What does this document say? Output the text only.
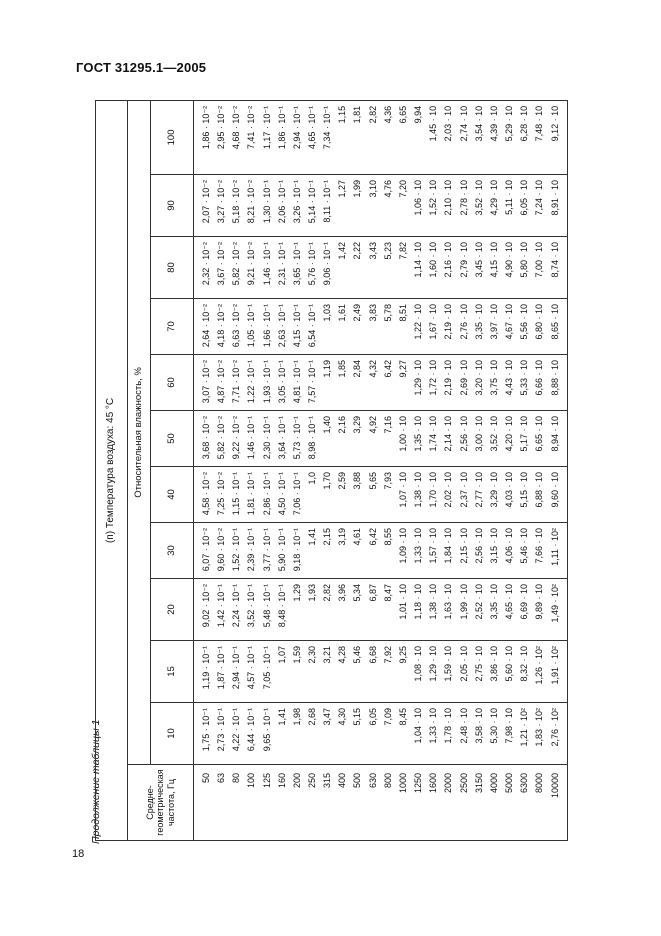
ГОСТ 31295.1—2005
Продолжение таблицы 1
(п) Температура воздуха: 45 °С											
Средне-геометрическая частота, Гц	Относительная влажность, %										
	10	15	20	30	40	50	60	70	80	90	100
50	1,75 · 10⁻¹	1,19 · 10⁻¹	9,02 · 10⁻²	6,07 · 10⁻²	4,58 · 10⁻²	3,68 · 10⁻²	3,07 · 10⁻²	2,64 · 10⁻²	2,32 · 10⁻²	2,07 · 10⁻²	1,86 · 10⁻²
63	2,73 · 10⁻¹	1,87 · 10⁻¹	1,42 · 10⁻¹	9,60 · 10⁻²	7,25 · 10⁻²	5,82 · 10⁻²	4,87 · 10⁻²	4,18 · 10⁻²	3,67 · 10⁻²	3,27 · 10⁻²	2,95 · 10⁻²
80	4,22 · 10⁻¹	2,94 · 10⁻¹	2,24 · 10⁻¹	1,52 · 10⁻¹	1,15 · 10⁻¹	9,22 · 10⁻²	7,71 · 10⁻²	6,63 · 10⁻²	5,82 · 10⁻²	5,18 · 10⁻²	4,68 · 10⁻²
100	6,44 · 10⁻¹	4,57 · 10⁻¹	3,52 · 10⁻¹	2,39 · 10⁻¹	1,81 · 10⁻¹	1,46 · 10⁻¹	1,22 · 10⁻¹	1,05 · 10⁻¹	9,21 · 10⁻²	8,21 · 10⁻²	7,41 · 10⁻²
125	9,65 · 10⁻¹	7,05 · 10⁻¹	5,48 · 10⁻¹	3,77 · 10⁻¹	2,86 · 10⁻¹	2,30 · 10⁻¹	1,93 · 10⁻¹	1,66 · 10⁻¹	1,46 · 10⁻¹	1,30 · 10⁻¹	1,17 · 10⁻¹
160	1,41	1,07	8,48 · 10⁻¹	5,90 · 10⁻¹	4,50 · 10⁻¹	3,64 · 10⁻¹	3,05 · 10⁻¹	2,63 · 10⁻¹	2,31 · 10⁻¹	2,06 · 10⁻¹	1,86 · 10⁻¹
200	1,98	1,59	1,29	9,18 · 10⁻¹	7,06 · 10⁻¹	5,73 · 10⁻¹	4,81 · 10⁻¹	4,15 · 10⁻¹	3,65 · 10⁻¹	3,26 · 10⁻¹	2,94 · 10⁻¹
250	2,68	2,30	1,93	1,41	1,0	8,98 · 10⁻¹	7,57 · 10⁻¹	6,54 · 10⁻¹	5,76 · 10⁻¹	5,14 · 10⁻¹	4,65 · 10⁻¹
315	3,47	3,21	2,82	2,15	1,70	1,40	1,19	1,03	9,06 · 10⁻¹	8,11 · 10⁻¹	7,34 · 10⁻¹
400	4,30	4,28	3,96	3,19	2,59	2,16	1,85	1,61	1,42	1,27	1,15
500	5,15	5,46	5,34	4,61	3,88	3,29	2,84	2,49	2,22	1,99	1,81
630	6,05	6,68	6,87	6,42	5,65	4,92	4,32	3,83	3,43	3,10	2,82
800	7,09	7,92	8,47	8,55	7,93	7,16	6,42	5,78	5,23	4,76	4,36
1000	8,45	9,25	1,01 · 10	1,09 · 10	1,07 · 10	1,00 · 10	9,27	8,51	7,82	7,20	6,65
1250	1,04 · 10	1,08 · 10	1,18 · 10	1,33 · 10	1,38 · 10	1,35 · 10	1,29 · 10	1,22 · 10	1,14 · 10	1,06 · 10	9,94
1600	1,33 · 10	1,29 · 10	1,38 · 10	1,57 · 10	1,70 · 10	1,74 · 10	1,72 · 10	1,67 · 10	1,60 · 10	1,52 · 10	1,45 · 10
2000	1,78 · 10	1,59 · 10	1,63 · 10	1,84 · 10	2,02 · 10	2,14 · 10	2,19 · 10	2,19 · 10	2,16 · 10	2,10 · 10	2,03 · 10
2500	2,48 · 10	2,05 · 10	1,99 · 10	2,15 · 10	2,37 · 10	2,56 · 10	2,69 · 10	2,76 · 10	2,79 · 10	2,78 · 10	2,74 · 10
3150	3,58 · 10	2,75 · 10	2,52 · 10	2,56 · 10	2,77 · 10	3,00 · 10	3,20 · 10	3,35 · 10	3,45 · 10	3,52 · 10	3,54 · 10
4000	5,30 · 10	3,86 · 10	3,35 · 10	3,15 · 10	3,29 · 10	3,52 · 10	3,75 · 10	3,97 · 10	4,15 · 10	4,29 · 10	4,39 · 10
5000	7,98 · 10	5,60 · 10	4,65 · 10	4,06 · 10	4,03 · 10	4,20 · 10	4,43 · 10	4,67 · 10	4,90 · 10	5,11 · 10	5,29 · 10
6300	1,21 · 10²	8,32 · 10	6,69 · 10	5,46 · 10	5,15 · 10	5,17 · 10	5,33 · 10	5,56 · 10	5,80 · 10	6,05 · 10	6,28 · 10
8000	1,83 · 10²	1,26 · 10²	9,89 · 10	7,66 · 10	6,88 · 10	6,65 · 10	6,66 · 10	6,80 · 10	7,00 · 10	7,24 · 10	7,48 · 10
10000	2,76 · 10²	1,91 · 10²	1,49 · 10²	1,11 · 10²	9,60 · 10	8,94 · 10	8,88 · 10	8,65 · 10	8,74 · 10	8,91 · 10	9,12 · 10
18
